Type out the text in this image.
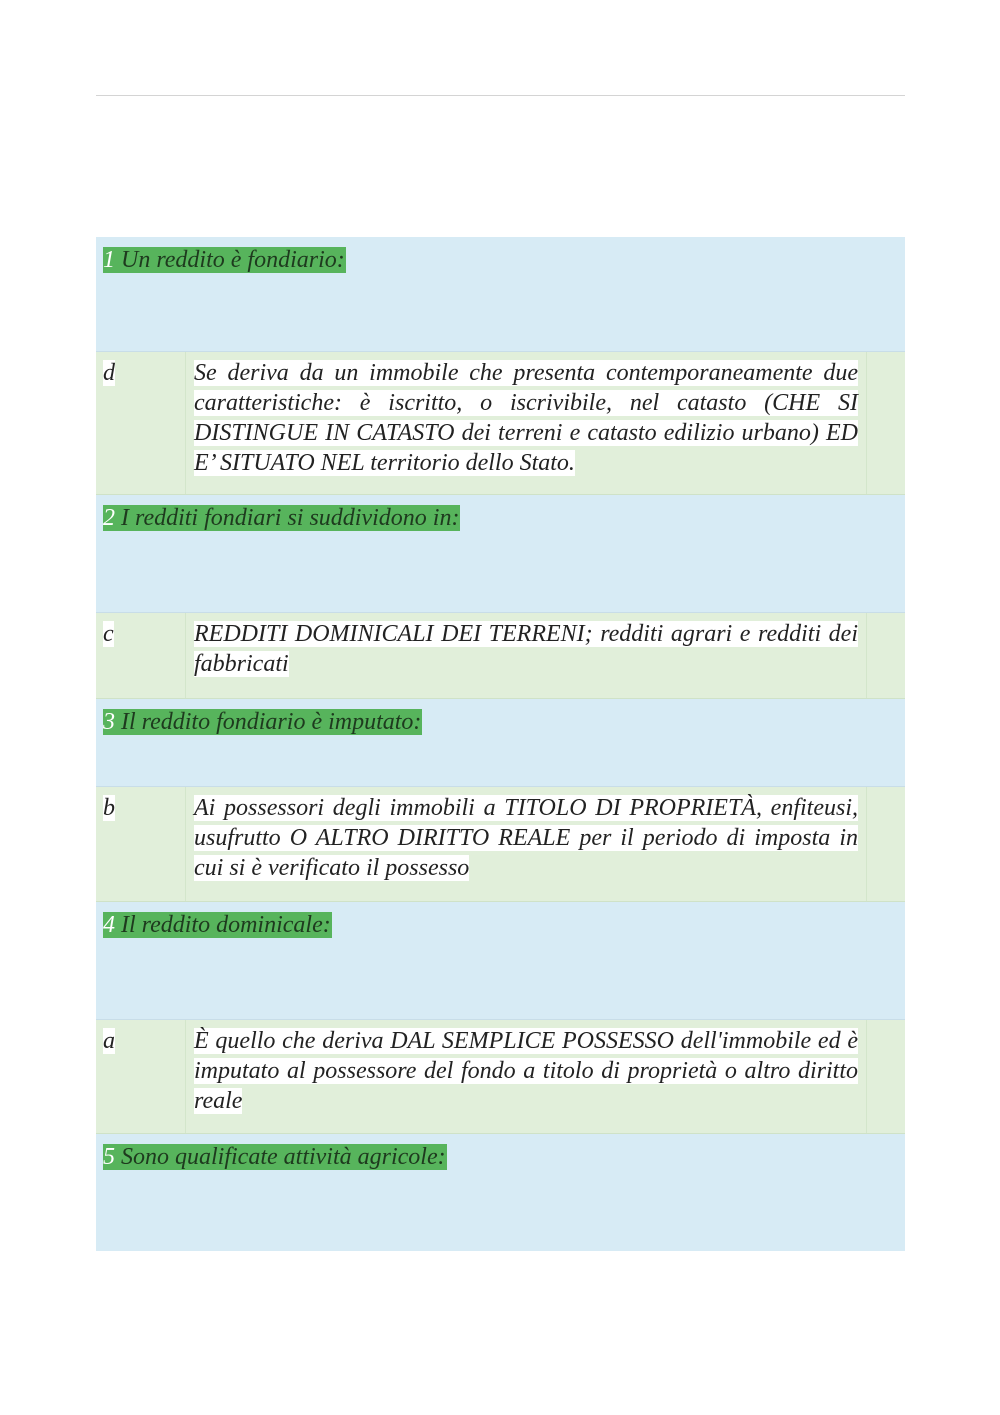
1 Un reddito è fondiario:
d	Se deriva da un immobile che presenta contemporaneamente due caratteristiche: è iscritto, o iscrivibile, nel catasto (CHE SI DISTINGUE IN CATASTO dei terreni e catasto edilizio urbano) ED E’ SITUATO NEL territorio dello Stato.
2 I redditi fondiari si suddividono in:
c	REDDITI DOMINICALI DEI TERRENI; redditi agrari e redditi dei fabbricati
3 Il reddito fondiario è imputato:
b	Ai possessori degli immobili a TITOLO DI PROPRIETÀ, enfiteusi, usufrutto O ALTRO DIRITTO REALE per il periodo di imposta in cui si è verificato il possesso
4 Il reddito dominicale:
a	È quello che deriva DAL SEMPLICE POSSESSO dell'immobile ed è imputato al possessore del fondo a titolo di proprietà o altro diritto reale
5 Sono qualificate attività agricole:
